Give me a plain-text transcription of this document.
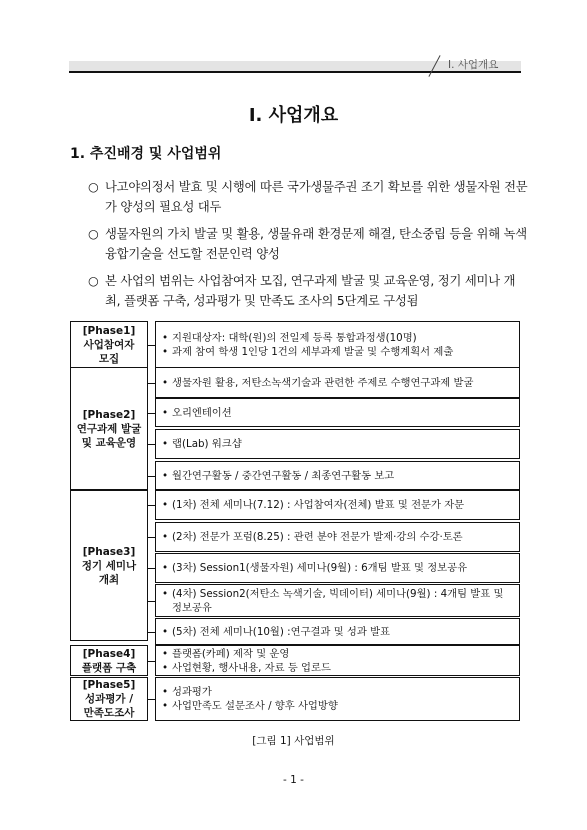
Ⅰ. 사업개요
Ⅰ. 사업개요
1. 추진배경 및 사업범위
○ 나고야의정서 발효 및 시행에 따른 국가생물주권 조기 확보를 위한 생물자원 전문가 양성의 필요성 대두
○ 생물자원의 가치 발굴 및 활용, 생물유래 환경문제 해결, 탄소중립 등을 위해 녹색융합기술을 선도할 전문인력 양성
○ 본 사업의 범위는 사업참여자 모집, 연구과제 발굴 및 교육운영, 정기 세미나 개최, 플랫폼 구축, 성과평가 및 만족도 조사의 5단계로 구성됨
[Phase1]
사업참여자
모집
• 지원대상자: 대학(원)의 전일제 등록 통합과정생(10명)
• 과제 참여 학생 1인당 1건의 세부과제 발굴 및 수행계획서 제출
[Phase2]
연구과제 발굴
및 교육운영
• 생물자원 활용, 저탄소녹색기술과 관련한 주제로 수행연구과제 발굴
• 오리엔테이션
• 랩(Lab) 워크샵
• 월간연구활동 / 중간연구활동 / 최종연구활동 보고
[Phase3]
정기 세미나
개최
• (1차) 전체 세미나(7.12) : 사업참여자(전체) 발표 및 전문가 자문
• (2차) 전문가 포럼(8.25) : 관련 분야 전문가 발제·강의 수강·토론
• (3차) Session1(생물자원) 세미나(9월) : 6개팀 발표 및 정보공유
• (4차) Session2(저탄소 녹색기술, 빅데이터) 세미나(9월) : 4개팀 발표 및 정보공유
• (5차) 전체 세미나(10월) :연구결과 및 성과 발표
[Phase4]
플랫폼 구축
• 플랫폼(카페) 제작 및 운영
• 사업현황, 행사내용, 자료 등 업로드
[Phase5]
성과평가 /
만족도조사
• 성과평가
• 사업만족도 설문조사 / 향후 사업방향
[그림 1] 사업범위
- 1 -
